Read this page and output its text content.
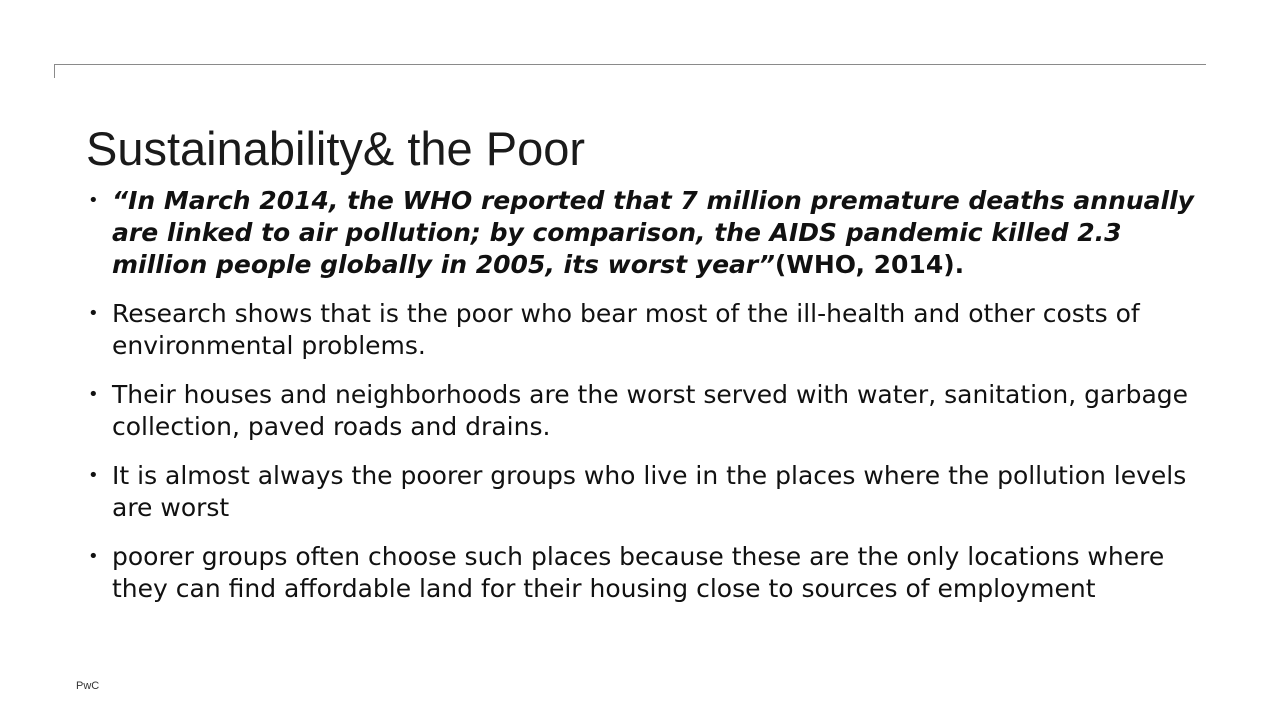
Sustainability& the Poor
• “In March 2014, the WHO reported that 7 million premature deaths annually are linked to air pollution; by comparison, the AIDS pandemic killed 2.3 million people globally in 2005, its worst year”(WHO, 2014).
• Research shows that is the poor who bear most of the ill-health and other costs of environmental problems.
• Their houses and neighborhoods are the worst served with water, sanitation, garbage collection, paved roads and drains.
• It is almost always the poorer groups who live in the places where the pollution levels are worst
• poorer groups often choose such places because these are the only locations where they can find affordable land for their housing close to sources of employment
PwC
